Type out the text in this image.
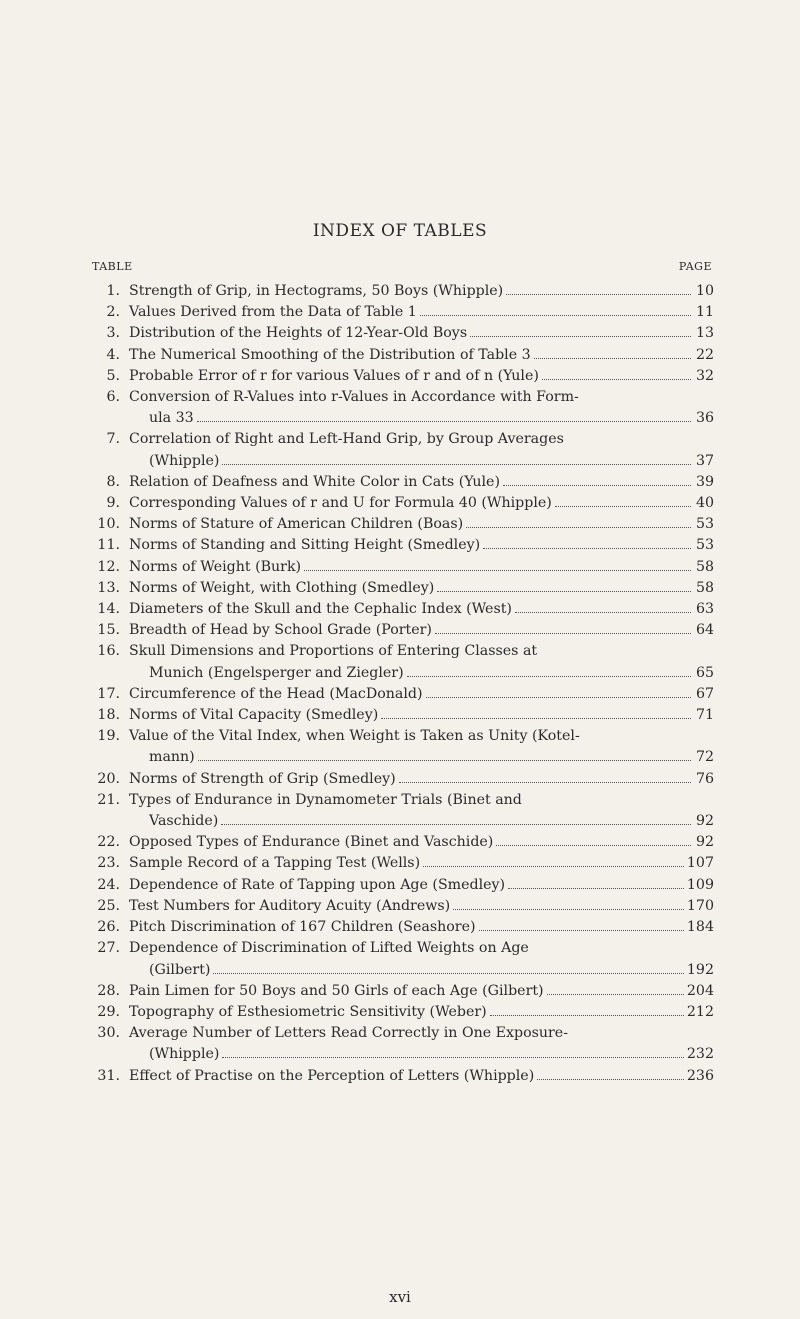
INDEX OF TABLES
TABLE	PAGE
1. Strength of Grip, in Hectograms, 50 Boys (Whipple)	10
2. Values Derived from the Data of Table 1	11
3. Distribution of the Heights of 12-Year-Old Boys	13
4. The Numerical Smoothing of the Distribution of Table 3	22
5. Probable Error of r for various Values of r and of n (Yule)	32
6. Conversion of R-Values into r-Values in Accordance with Form-
ula 33	36
7. Correlation of Right and Left-Hand Grip, by Group Averages
(Whipple)	37
8. Relation of Deafness and White Color in Cats (Yule)	39
9. Corresponding Values of r and U for Formula 40 (Whipple)	40
10. Norms of Stature of American Children (Boas)	53
11. Norms of Standing and Sitting Height (Smedley)	53
12. Norms of Weight (Burk)	58
13. Norms of Weight, with Clothing (Smedley)	58
14. Diameters of the Skull and the Cephalic Index (West)	63
15. Breadth of Head by School Grade (Porter)	64
16. Skull Dimensions and Proportions of Entering Classes at
Munich (Engelsperger and Ziegler)	65
17. Circumference of the Head (MacDonald)	67
18. Norms of Vital Capacity (Smedley)	71
19. Value of the Vital Index, when Weight is Taken as Unity (Kotel-
mann)	72
20. Norms of Strength of Grip (Smedley)	76
21. Types of Endurance in Dynamometer Trials (Binet and
Vaschide)	92
22. Opposed Types of Endurance (Binet and Vaschide)	92
23. Sample Record of a Tapping Test (Wells)	107
24. Dependence of Rate of Tapping upon Age (Smedley)	109
25. Test Numbers for Auditory Acuity (Andrews)	170
26. Pitch Discrimination of 167 Children (Seashore)	184
27. Dependence of Discrimination of Lifted Weights on Age
(Gilbert)	192
28. Pain Limen for 50 Boys and 50 Girls of each Age (Gilbert)	204
29. Topography of Esthesiometric Sensitivity (Weber)	212
30. Average Number of Letters Read Correctly in One Exposure-
(Whipple)	232
31. Effect of Practise on the Perception of Letters (Whipple)	236
xvi
